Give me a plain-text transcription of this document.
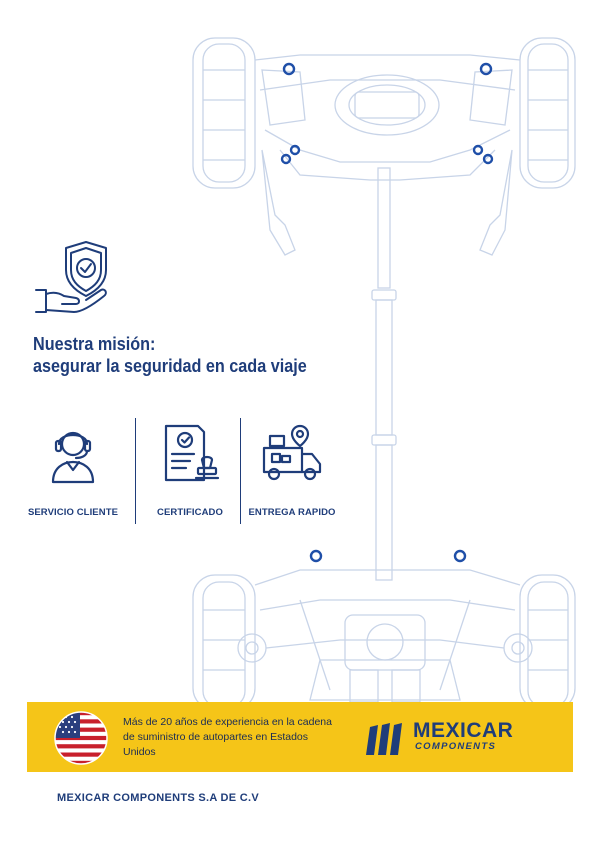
Nuestra misión:
asegurar la seguridad en cada viaje
SERVICIO CLIENTE	CERTIFICADO	ENTREGA RAPIDO
Más de 20 años de experiencia en la cadena de suministro de autopartes en Estados Unidos
MEXICAR
COMPONENTS
MEXICAR COMPONENTS S.A DE C.V
